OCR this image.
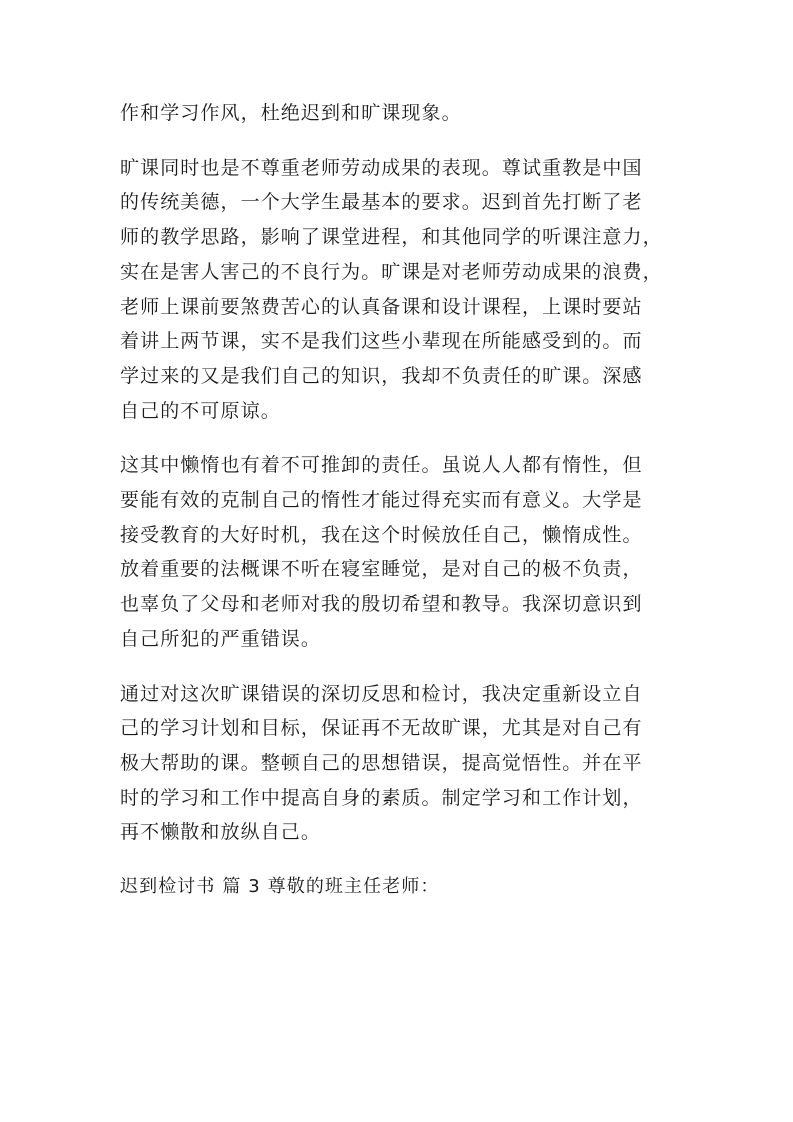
作和学习作风，杜绝迟到和旷课现象。
旷课同时也是不尊重老师劳动成果的表现。尊试重教是中国
的传统美德，一个大学生最基本的要求。迟到首先打断了老
师的教学思路，影响了课堂进程，和其他同学的听课注意力，
实在是害人害己的不良行为。旷课是对老师劳动成果的浪费，
老师上课前要煞费苦心的认真备课和设计课程，上课时要站
着讲上两节课，实不是我们这些小辈现在所能感受到的。而
学过来的又是我们自己的知识，我却不负责任的旷课。深感
自己的不可原谅。
这其中懒惰也有着不可推卸的责任。虽说人人都有惰性，但
要能有效的克制自己的惰性才能过得充实而有意义。大学是
接受教育的大好时机，我在这个时候放任自己，懒惰成性。
放着重要的法概课不听在寝室睡觉，是对自己的极不负责，
也辜负了父母和老师对我的殷切希望和教导。我深切意识到
自己所犯的严重错误。
通过对这次旷课错误的深切反思和检讨，我决定重新设立自
己的学习计划和目标，保证再不无故旷课，尤其是对自己有
极大帮助的课。整顿自己的思想错误，提高觉悟性。并在平
时的学习和工作中提高自身的素质。制定学习和工作计划，
再不懒散和放纵自己。
迟到检讨书 篇 3 尊敬的班主任老师：
